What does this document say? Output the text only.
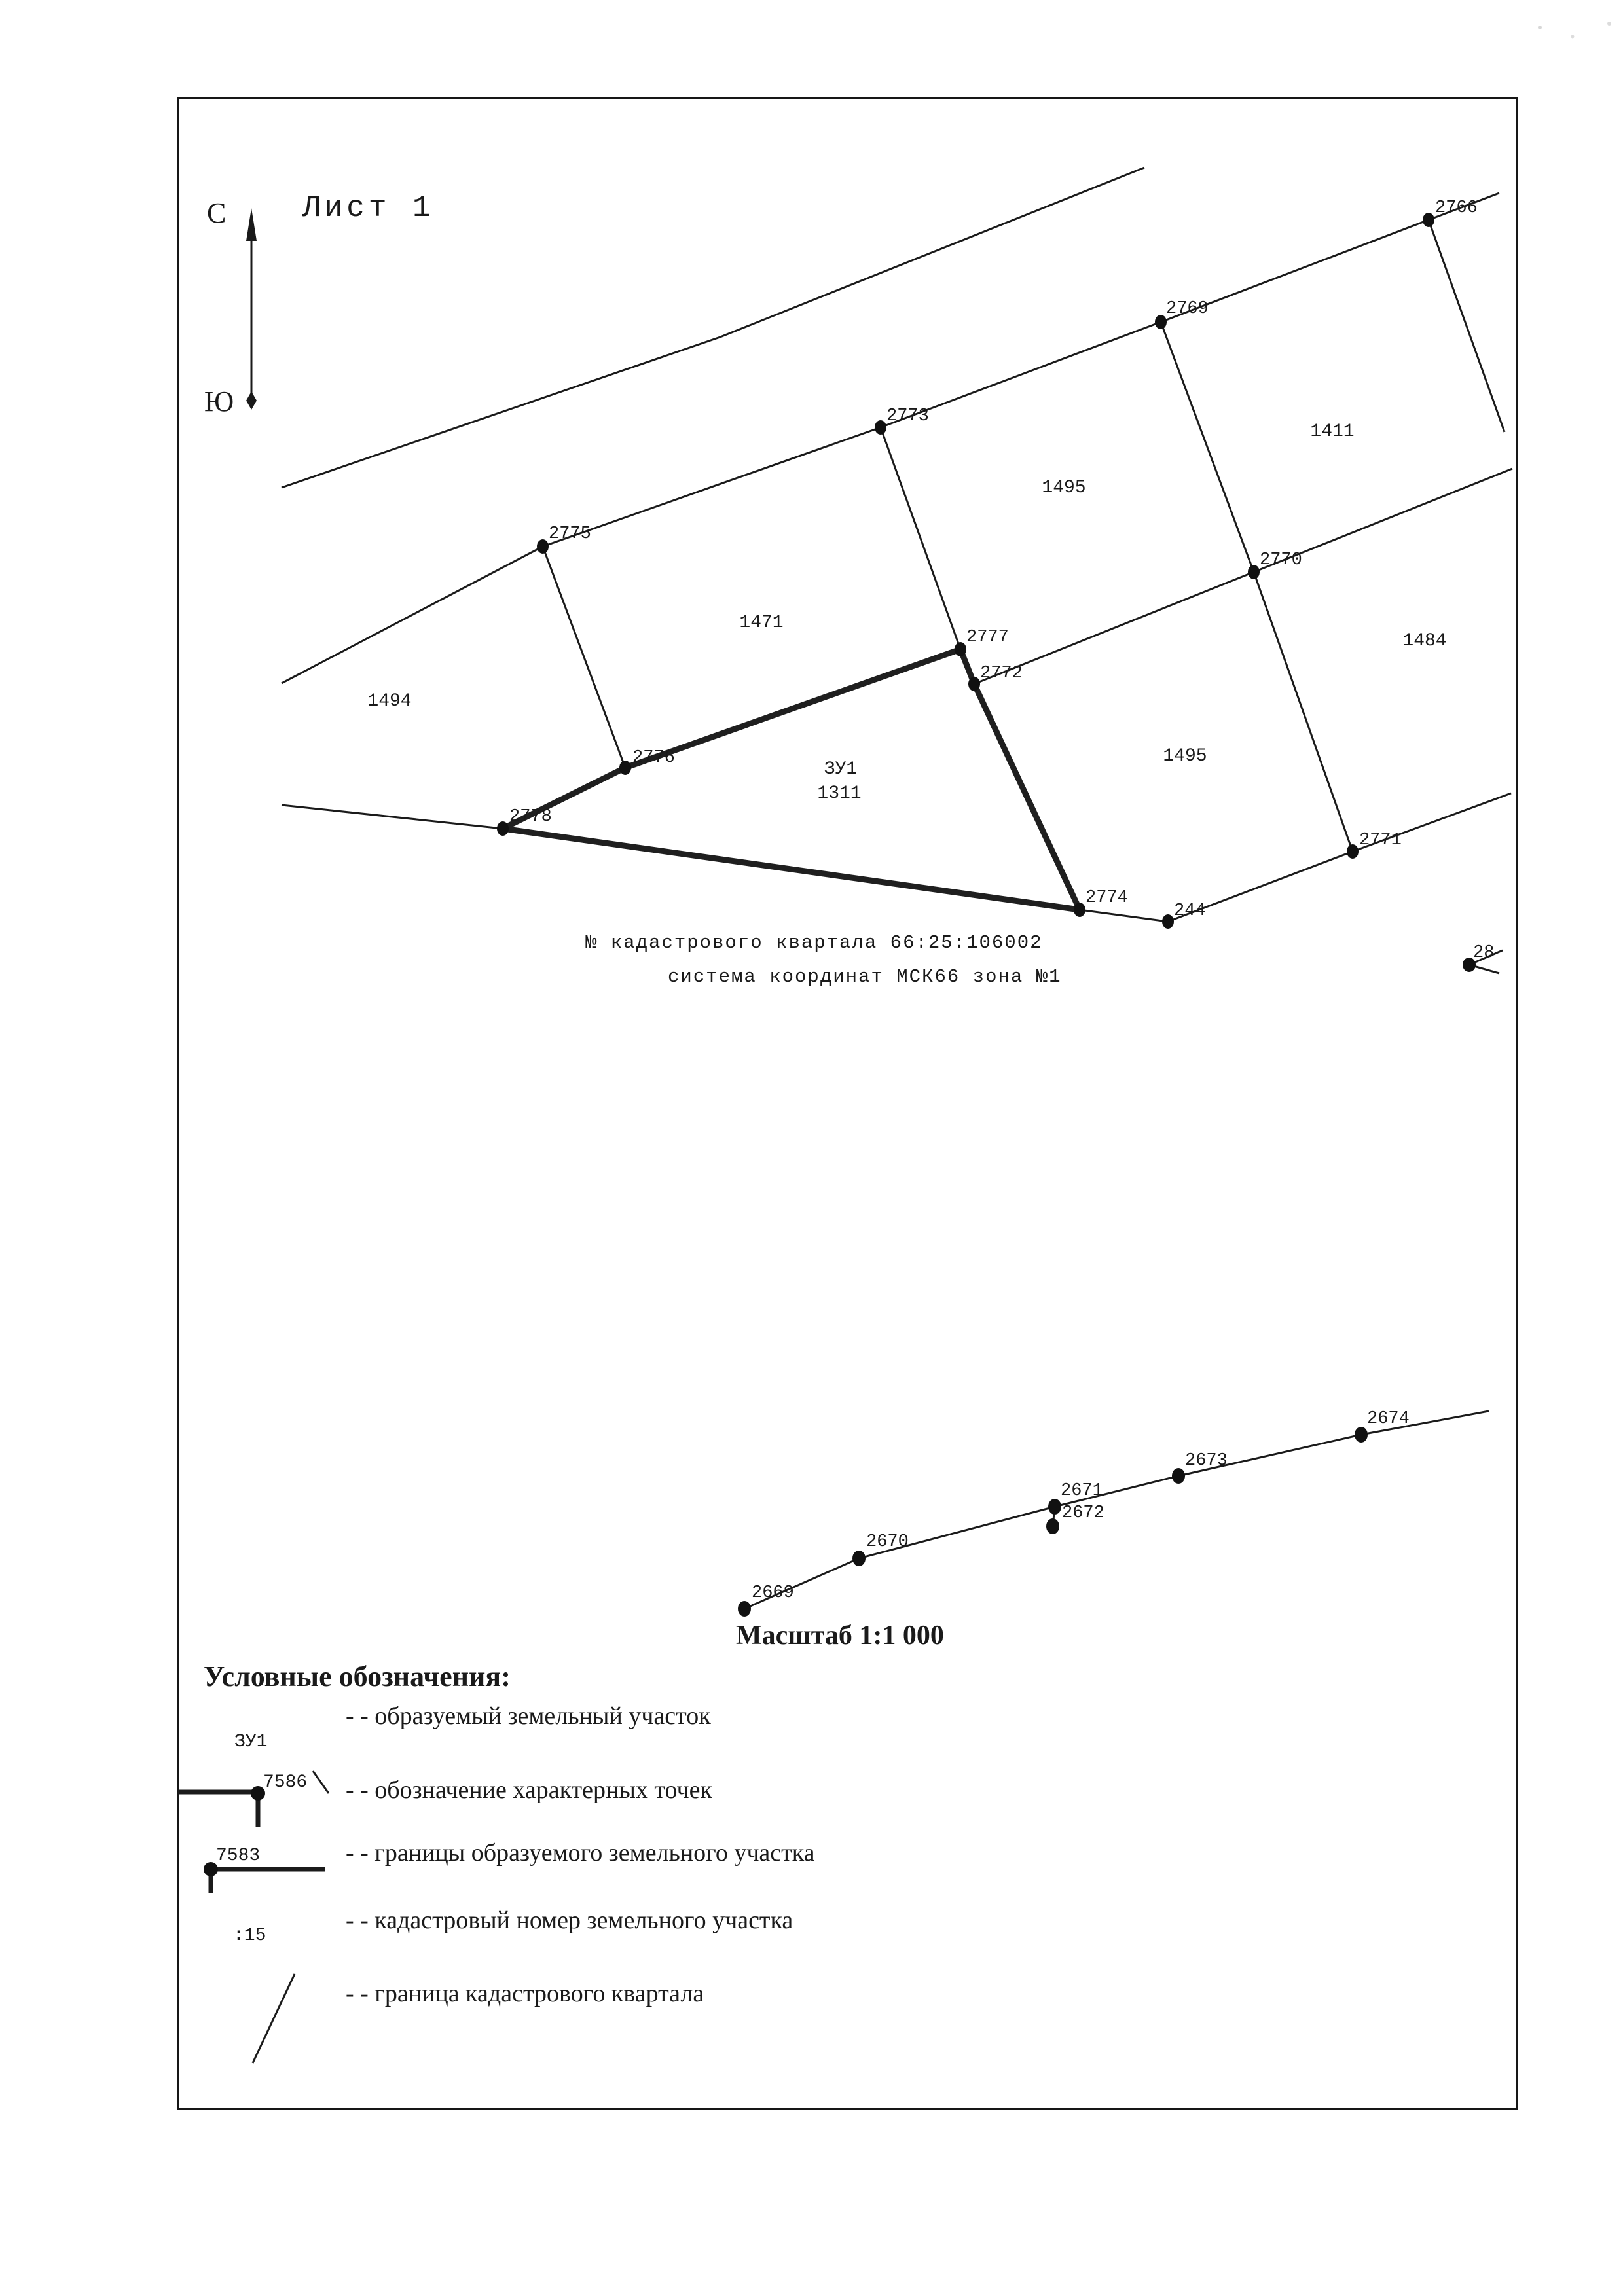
Лист 1
С
Ю
1494
1471
1495
1411
1484
1495
ЗУ1
1311
2766
2769
2773
2775
2777
2772
2770
2776
2778
2774
244
2771
28
№ кадастрового квартала 66:25:106002
система координат МСК66 зона №1
2669
2670
2671
2672
2673
2674
Масштаб 1:1 000
Условные обозначения:
ЗУ1
- - образуемый земельный участок
7586 - - обозначение характерных точек
7583	- - границы образуемого земельного участка
:15
- - кадастровый номер земельного участка
- - граница кадастрового квартала
